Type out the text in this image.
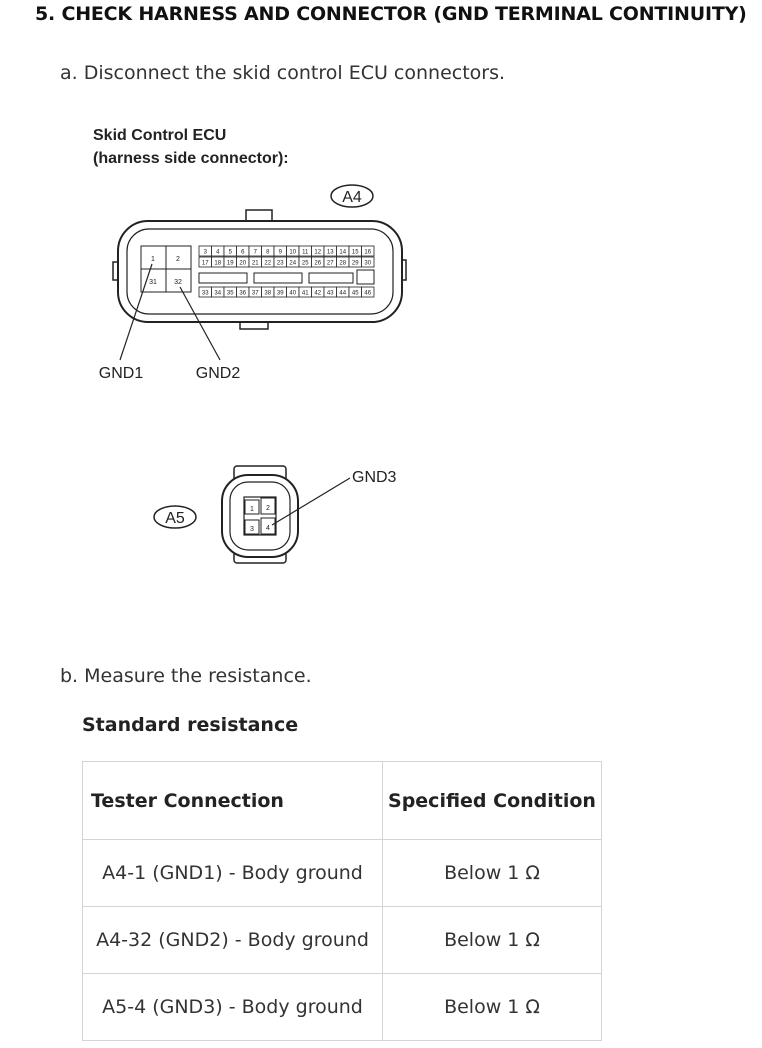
5. CHECK HARNESS AND CONNECTOR (GND TERMINAL CONTINUITY)

a. Disconnect the skid control ECU connectors.

Skid Control ECU
(harness side connector):
A4
1	2
31 32
3 4 5 6 7 8 9 10 11 12 13 14 15 16
17 18 19 20 21 22 23 24 25 26 27 28 29 30
33 34 35 36 37 38 39 40 41 42 43 44 45 46
GND1	GND2
A5
1 2
3 4
GND3

b. Measure the resistance.

Standard resistance

Tester Connection	Specified Condition
A4-1 (GND1) - Body ground	Below 1 Ω
A4-32 (GND2) - Body ground	Below 1 Ω
A5-4 (GND3) - Body ground	Below 1 Ω
